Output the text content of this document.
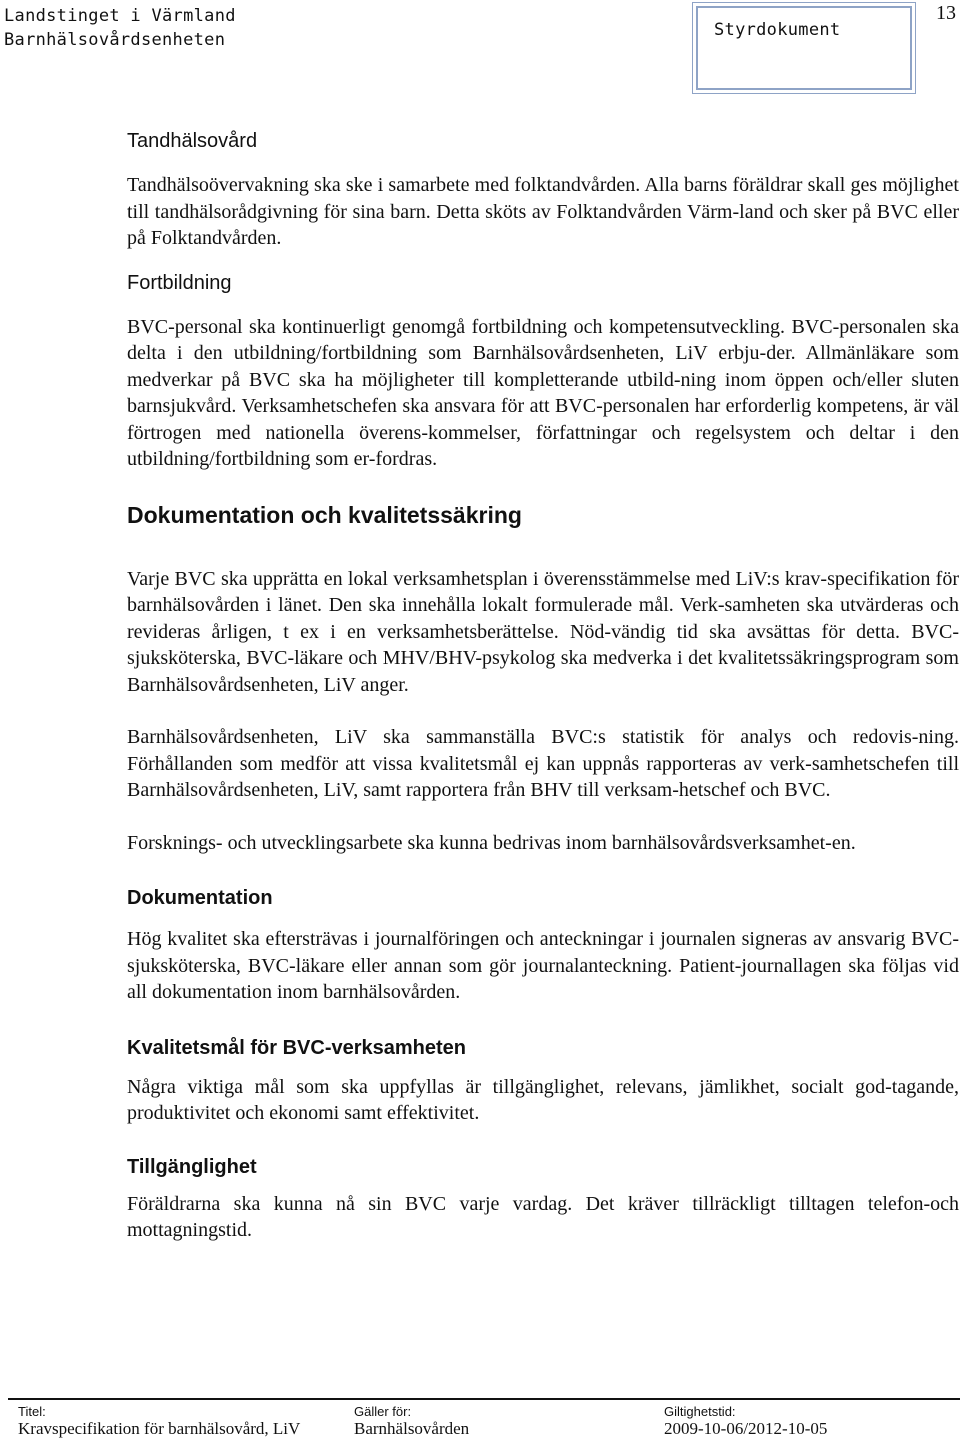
Landstinget i Värmland
Barnhälsovårdsenheten	Styrdokument
13
Tandhälsovård

Tandhälsoövervakning ska ske i samarbete med folktandvården. Alla barns föräldrar skall ges möjlighet till tandhälsorådgivning för sina barn. Detta sköts av Folktandvården Värm-land och sker på BVC eller på Folktandvården.

Fortbildning

BVC-personal ska kontinuerligt genomgå fortbildning och kompetensutveckling. BVC-personalen ska delta i den utbildning/fortbildning som Barnhälsovårdsenheten, LiV erbju-der. Allmänläkare som medverkar på BVC ska ha möjligheter till kompletterande utbild-ning inom öppen och/eller sluten barnsjukvård. Verksamhetschefen ska ansvara för att BVC-personalen har erforderlig kompetens, är väl förtrogen med nationella överens-kommelser, författningar och regelsystem och deltar i den utbildning/fortbildning som er-fordras.

Dokumentation och kvalitetssäkring

Varje BVC ska upprätta en lokal verksamhetsplan i överensstämmelse med LiV:s krav-specifikation för barnhälsovården i länet. Den ska innehålla lokalt formulerade mål. Verk-samheten ska utvärderas och revideras årligen, t ex i en verksamhetsberättelse. Nöd-vändig tid ska avsättas för detta. BVC-sjuksköterska, BVC-läkare och MHV/BHV-psykolog ska medverka i det kvalitetssäkringsprogram som Barnhälsovårdsenheten, LiV anger.

Barnhälsovårdsenheten, LiV ska sammanställa BVC:s statistik för analys och redovis-ning. Förhållanden som medför att vissa kvalitetsmål ej kan uppnås rapporteras av verk-samhetschefen till Barnhälsovårdsenheten, LiV, samt rapportera från BHV till verksam-hetschef och BVC.

Forsknings- och utvecklingsarbete ska kunna bedrivas inom barnhälsovårdsverksamhet-en.

Dokumentation

Hög kvalitet ska eftersträvas i journalföringen och anteckningar i journalen signeras av ansvarig BVC-sjuksköterska, BVC-läkare eller annan som gör journalanteckning. Patient-journallagen ska följas vid all dokumentation inom barnhälsovården.

Kvalitetsmål för BVC-verksamheten

Några viktiga mål som ska uppfyllas är tillgänglighet, relevans, jämlikhet, socialt god-tagande, produktivitet och ekonomi samt effektivitet.

Tillgänglighet

Föräldrarna ska kunna nå sin BVC varje vardag. Det kräver tillräckligt tilltagen telefon-och mottagningstid.

Titel:
Kravspecifikation för barnhälsovård, LiV
Gäller för:
Barnhälsovården
Giltighetstid:
2009-10-06/2012-10-05
